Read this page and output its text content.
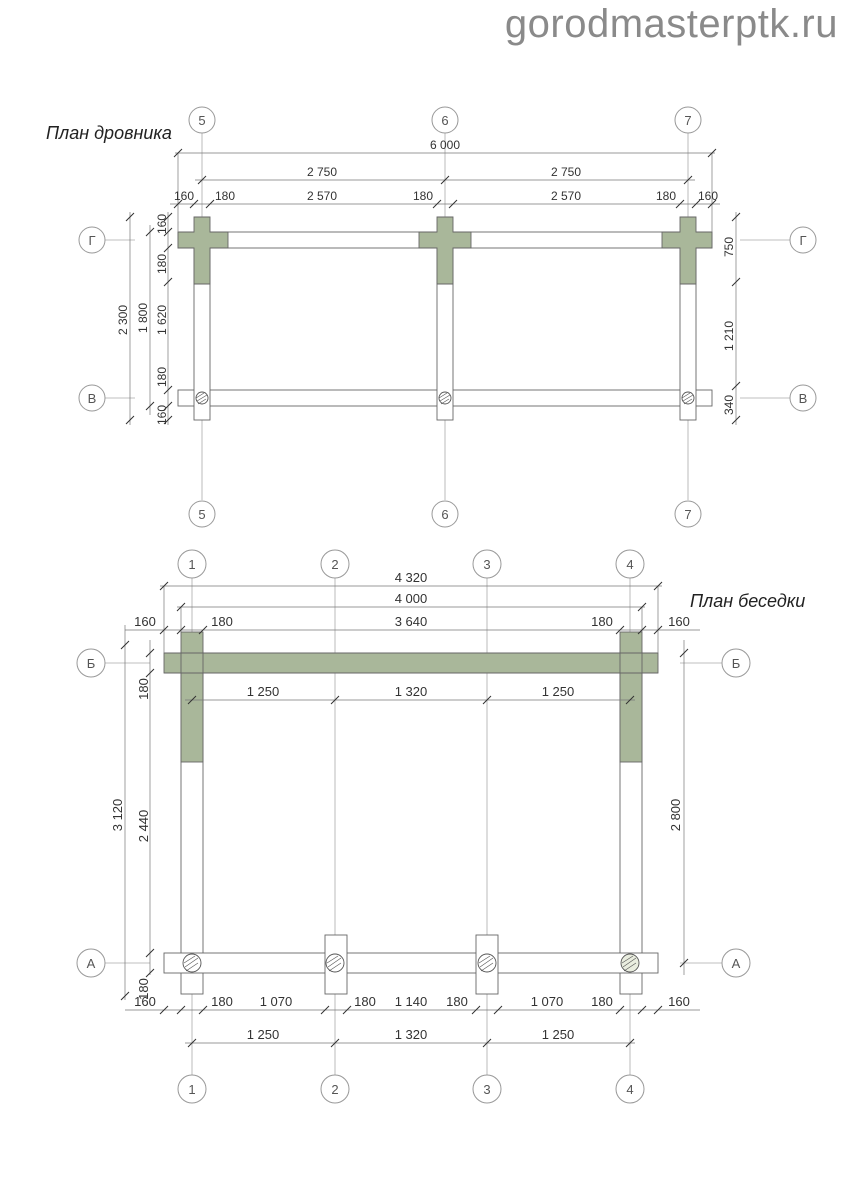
gorodmasterptk.ru
План дровника
План беседки
5	6	7
5	6	7
Г	Г
В	В
6 000
2 750	2 750
160 180	2 570	180	2 570	180 160
2 300 1 800
160
180
1 620
180
160
750
1 210
340
1	2	3	4
1	2	3	4
Б	Б
А	А
4 320
4 000
160	180	3 640	180	160
1 250	1 320	1 250
180
3 120 2 440	2 800
180
160	180 1 070	180 1 140 180	1 070 180	160
1 250	1 320	1 250
